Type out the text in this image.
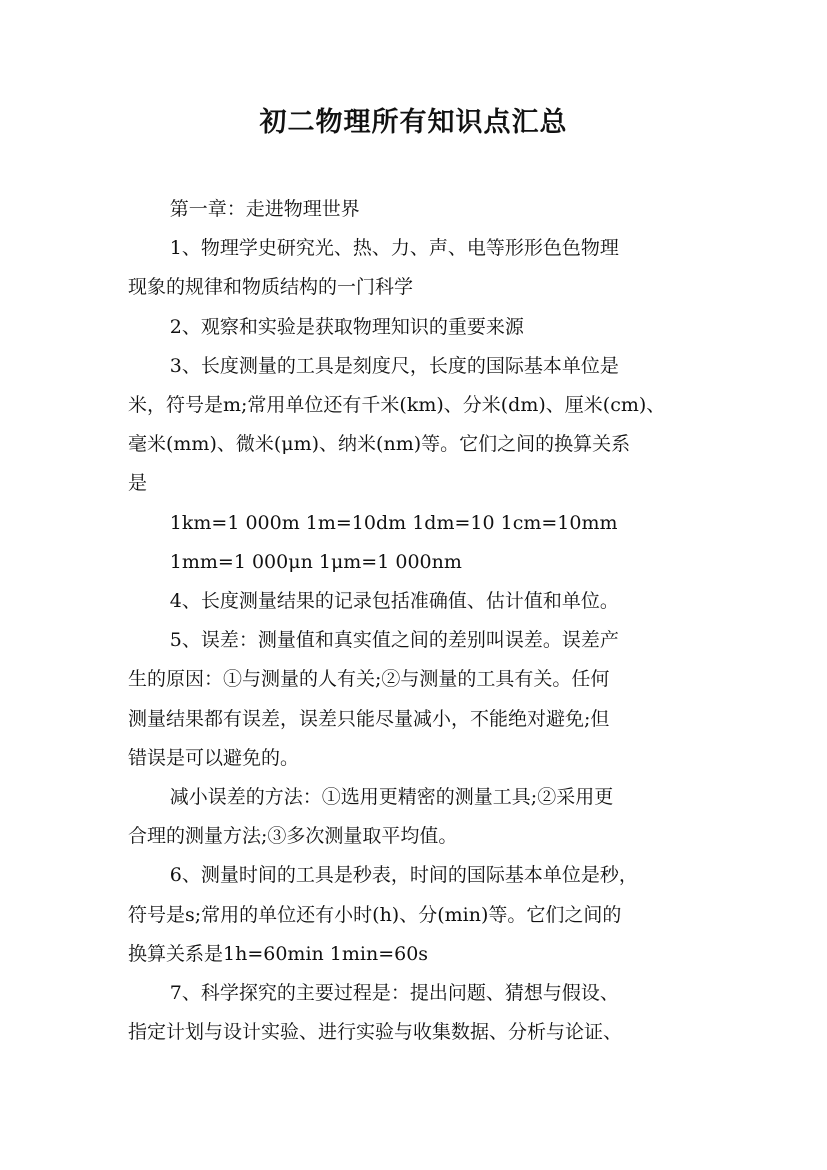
初二物理所有知识点汇总
第一章：走进物理世界
1、物理学史研究光、热、力、声、电等形形色色物理
现象的规律和物质结构的一门科学
2、观察和实验是获取物理知识的重要来源
3、长度测量的工具是刻度尺，长度的国际基本单位是
米，符号是m;常用单位还有千米(km)、分米(dm)、厘米(cm)、
毫米(mm)、微米(μm)、纳米(nm)等。它们之间的换算关系
是
1km=1 000m 1m=10dm 1dm=10 1cm=10mm
1mm=1 000μn 1μm=1 000nm
4、长度测量结果的记录包括准确值、估计值和单位。
5、误差：测量值和真实值之间的差别叫误差。误差产
生的原因：①与测量的人有关;②与测量的工具有关。任何
测量结果都有误差，误差只能尽量减小，不能绝对避免;但
错误是可以避免的。
减小误差的方法：①选用更精密的测量工具;②采用更
合理的测量方法;③多次测量取平均值。
6、测量时间的工具是秒表，时间的国际基本单位是秒，
符号是s;常用的单位还有小时(h)、分(min)等。它们之间的
换算关系是1h=60min 1min=60s
7、科学探究的主要过程是：提出问题、猜想与假设、
指定计划与设计实验、进行实验与收集数据、分析与论证、
